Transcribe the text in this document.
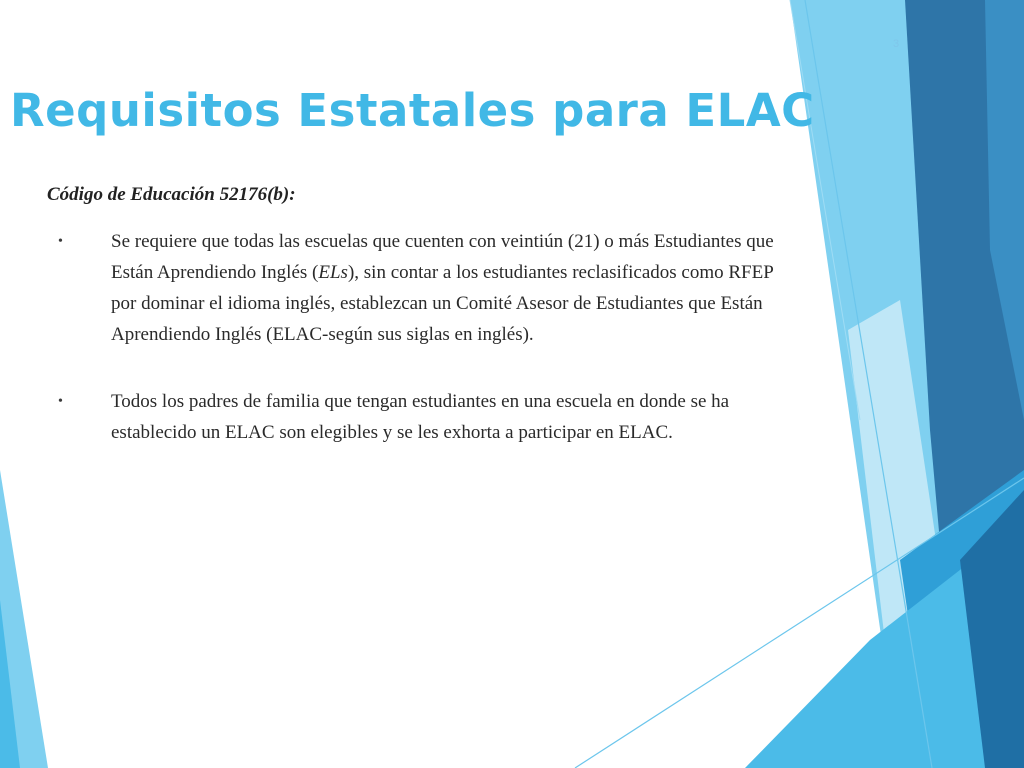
3
Requisitos Estatales para ELAC
Código de Educación 52176(b):
•	Se requiere que todas las escuelas que cuenten con veintiún (21) o más Estudiantes que Están Aprendiendo Inglés (ELs), sin contar a los estudiantes reclasificados como RFEP por dominar el idioma inglés, establezcan un Comité Asesor de Estudiantes que Están Aprendiendo Inglés (ELAC-según sus siglas en inglés).
•	Todos los padres de familia que tengan estudiantes en una escuela en donde se ha establecido un ELAC son elegibles y se les exhorta a participar en ELAC.
